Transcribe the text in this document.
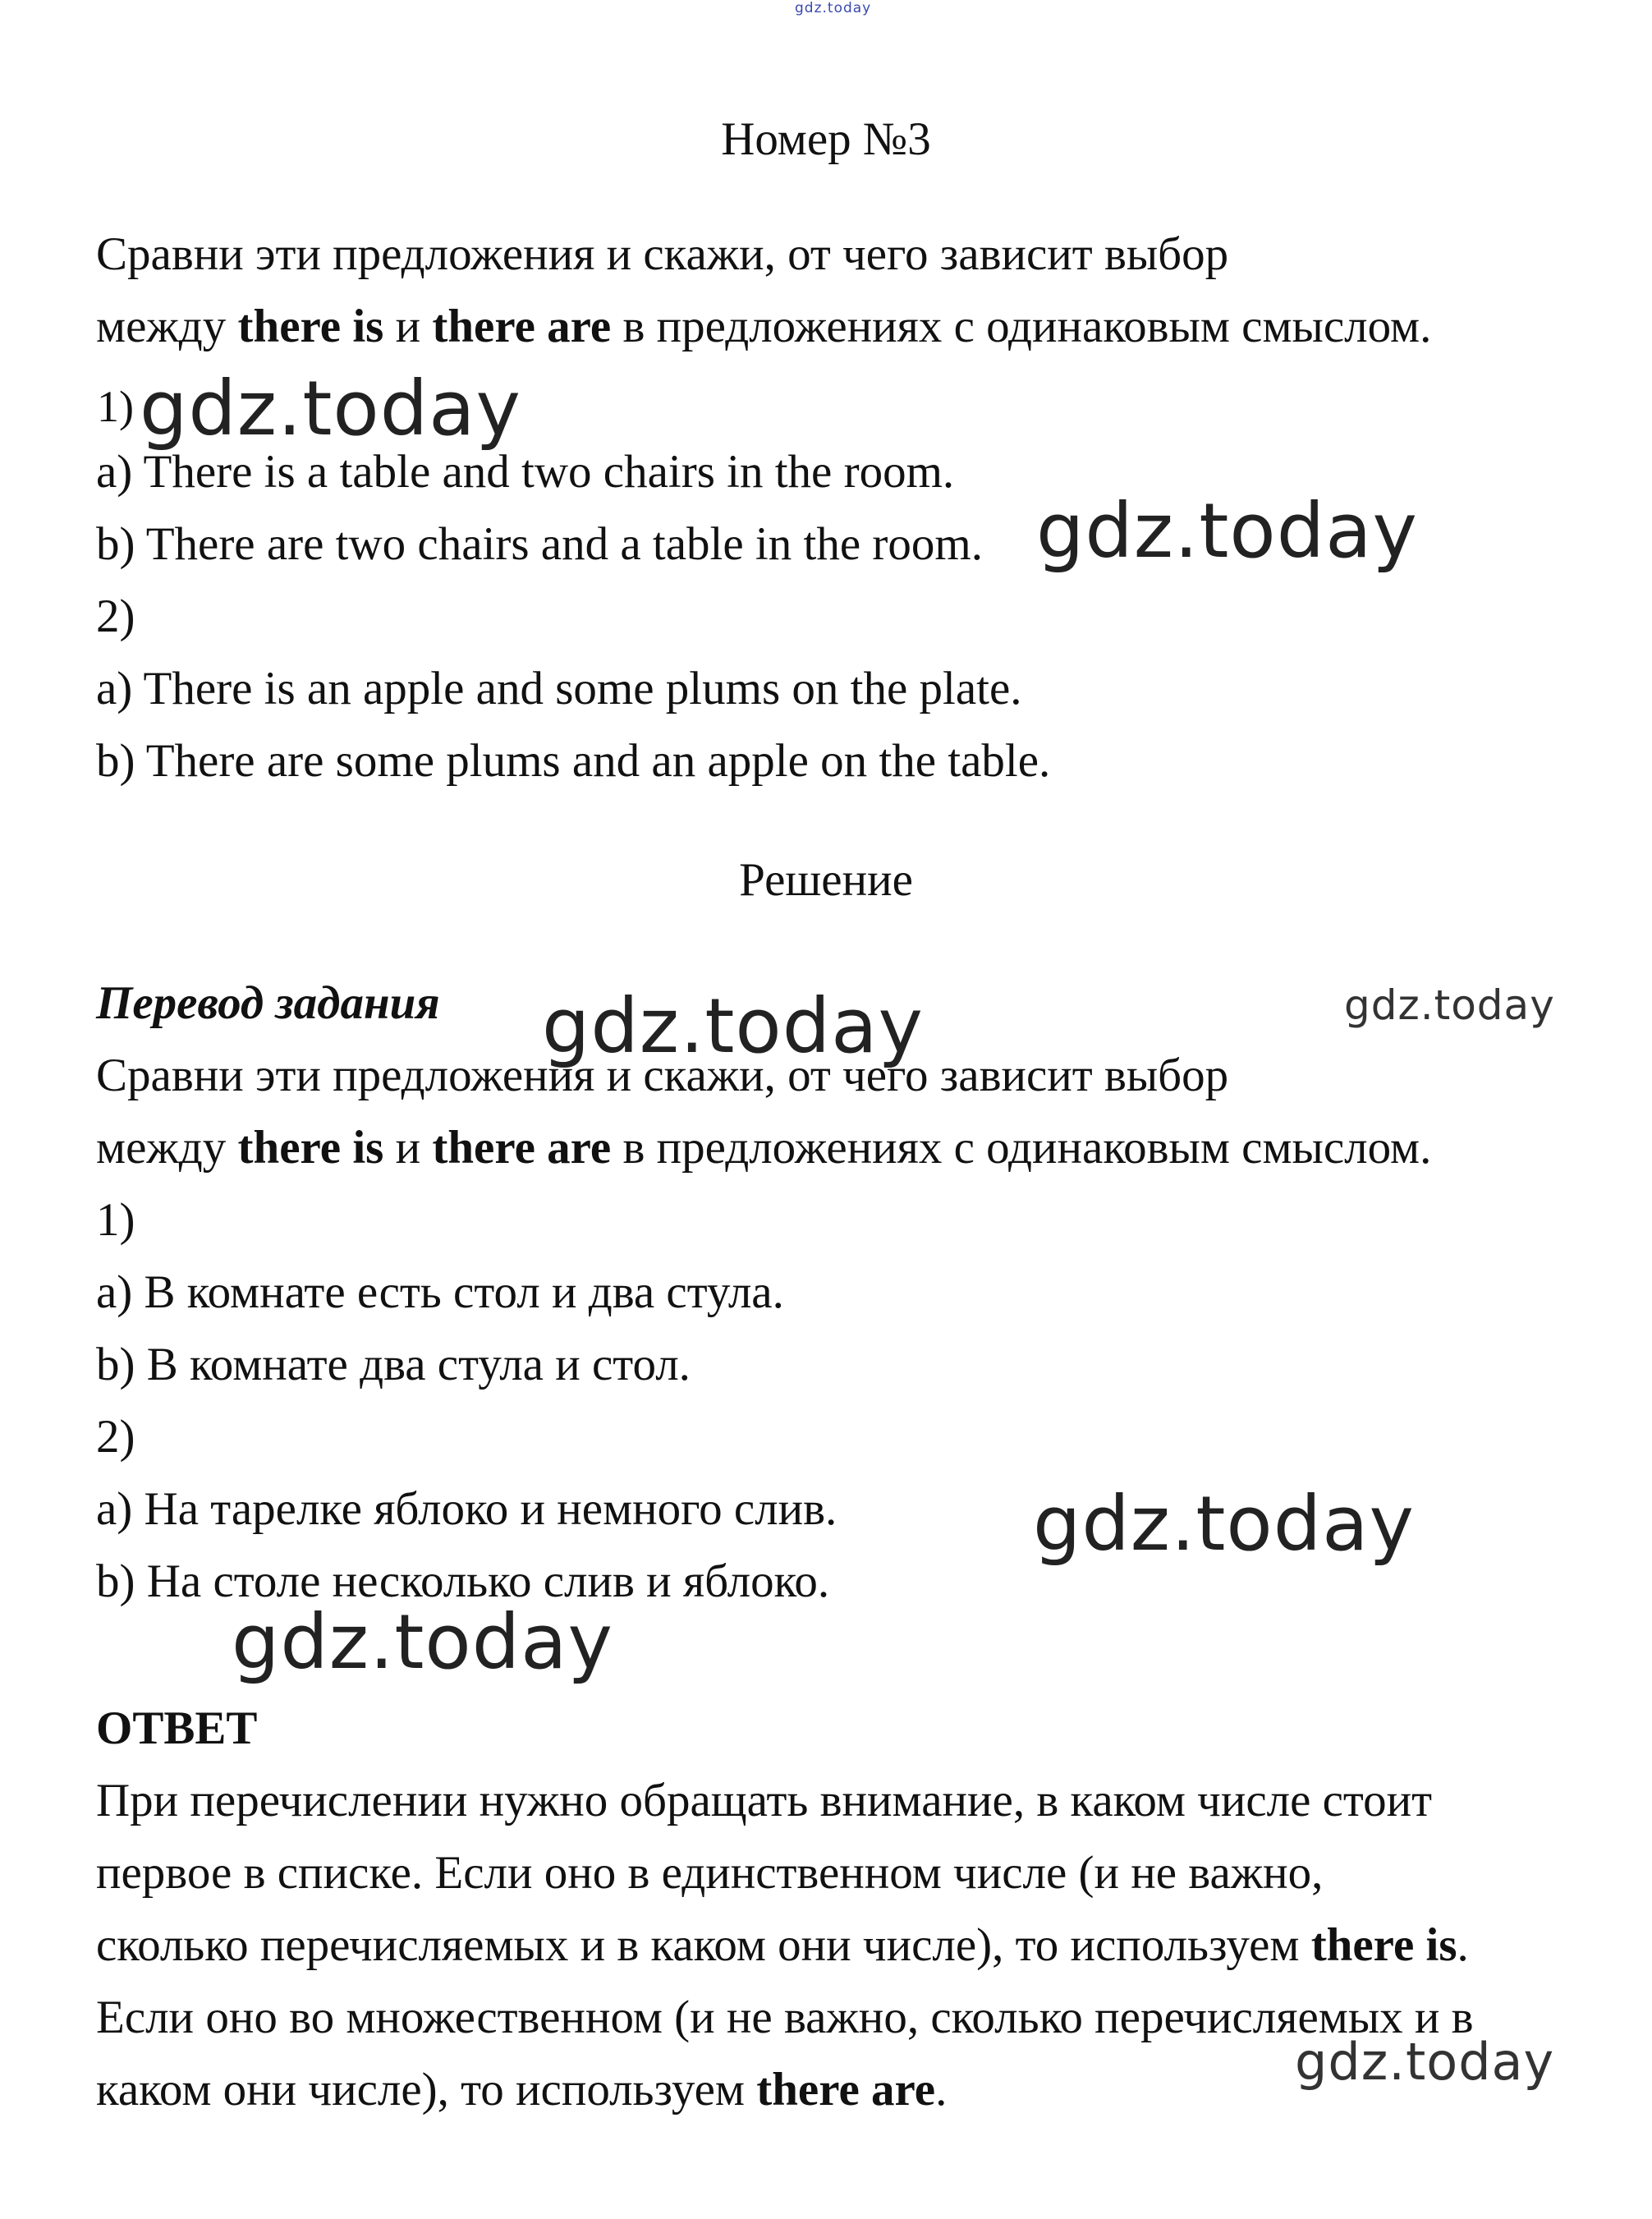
gdz.today
Номер №3
Сравни эти предложения и скажи, от чего зависит выбор
между there is и there are в предложениях с одинаковым смыслом.
1) gdz.today
a) There is a table and two chairs in the room.
b) There are two chairs and a table in the room. gdz.today
2)
a) There is an apple and some plums on the plate.
b) There are some plums and an apple on the table.
Решение
Перевод задания gdz.today	gdz.today
Сравни эти предложения и скажи, от чего зависит выбор
между there is и there are в предложениях с одинаковым смыслом.
1)
a) В комнате есть стол и два стула.
b) В комнате два стула и стол.
2)
a) На тарелке яблоко и немного слив.	gdz.today
b) На столе несколько слив и яблоко.
gdz.today
ОТВЕТ
При перечислении нужно обращать внимание, в каком числе стоит
первое в списке. Если оно в единственном числе (и не важно,
сколько перечисляемых и в каком они числе), то используем there is.
Если оно во множественном (и не важно, сколько перечисляемых и в
gdz.today
каком они числе), то используем there are.
